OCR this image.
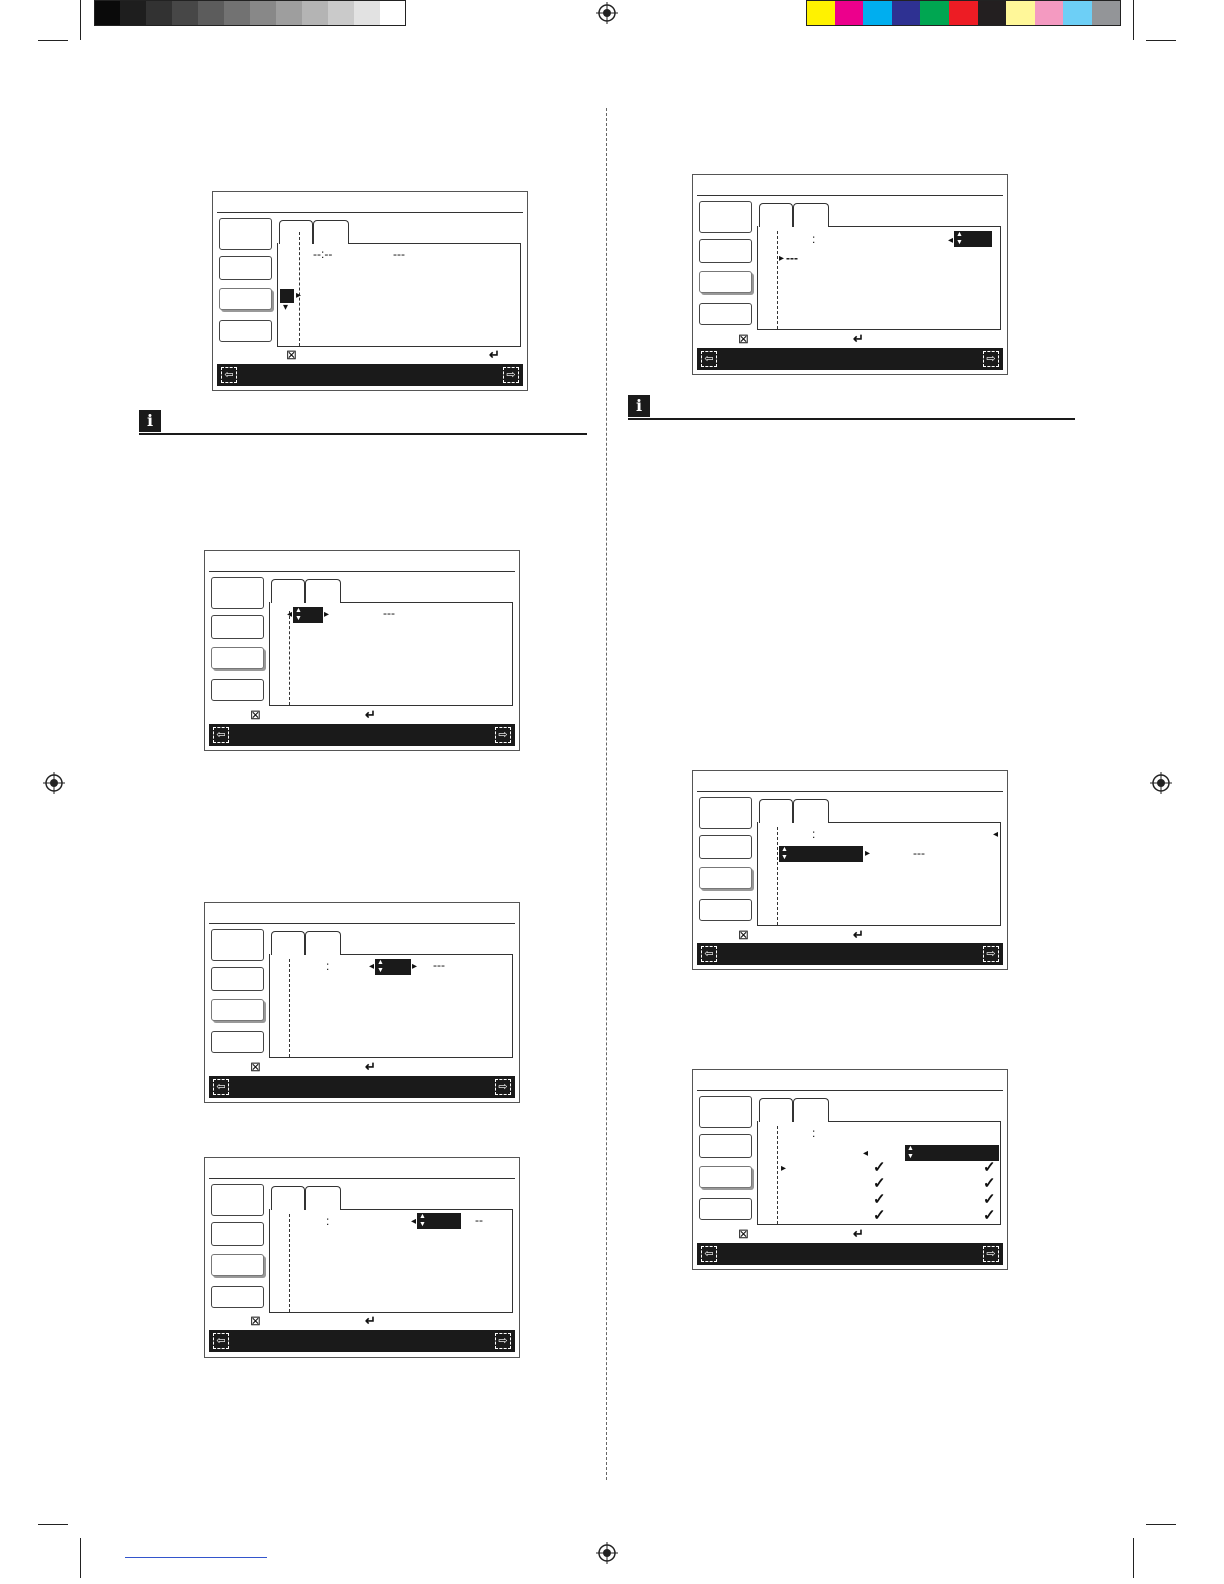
i
i
--:--	---
▸
▾
⊠	↵
⇦	⇨
◂ ▲▼ ▸	---
⊠	↵
⇦	⇨
:	◂ ▲▼	▸ ---
⊠	↵
⇦	⇨
:	◂ ▲▼	--
⊠	↵
⇦	⇨
:	◂
▲▼
▸ ---
⊠	↵
⇦	⇨
:	◂
▲▼	▸	---
⊠	↵
⇦	⇨
:
◂	▲▼
▸	✓	✓
✓	✓
✓	✓
✓	✓
⊠	↵
⇦	⇨
